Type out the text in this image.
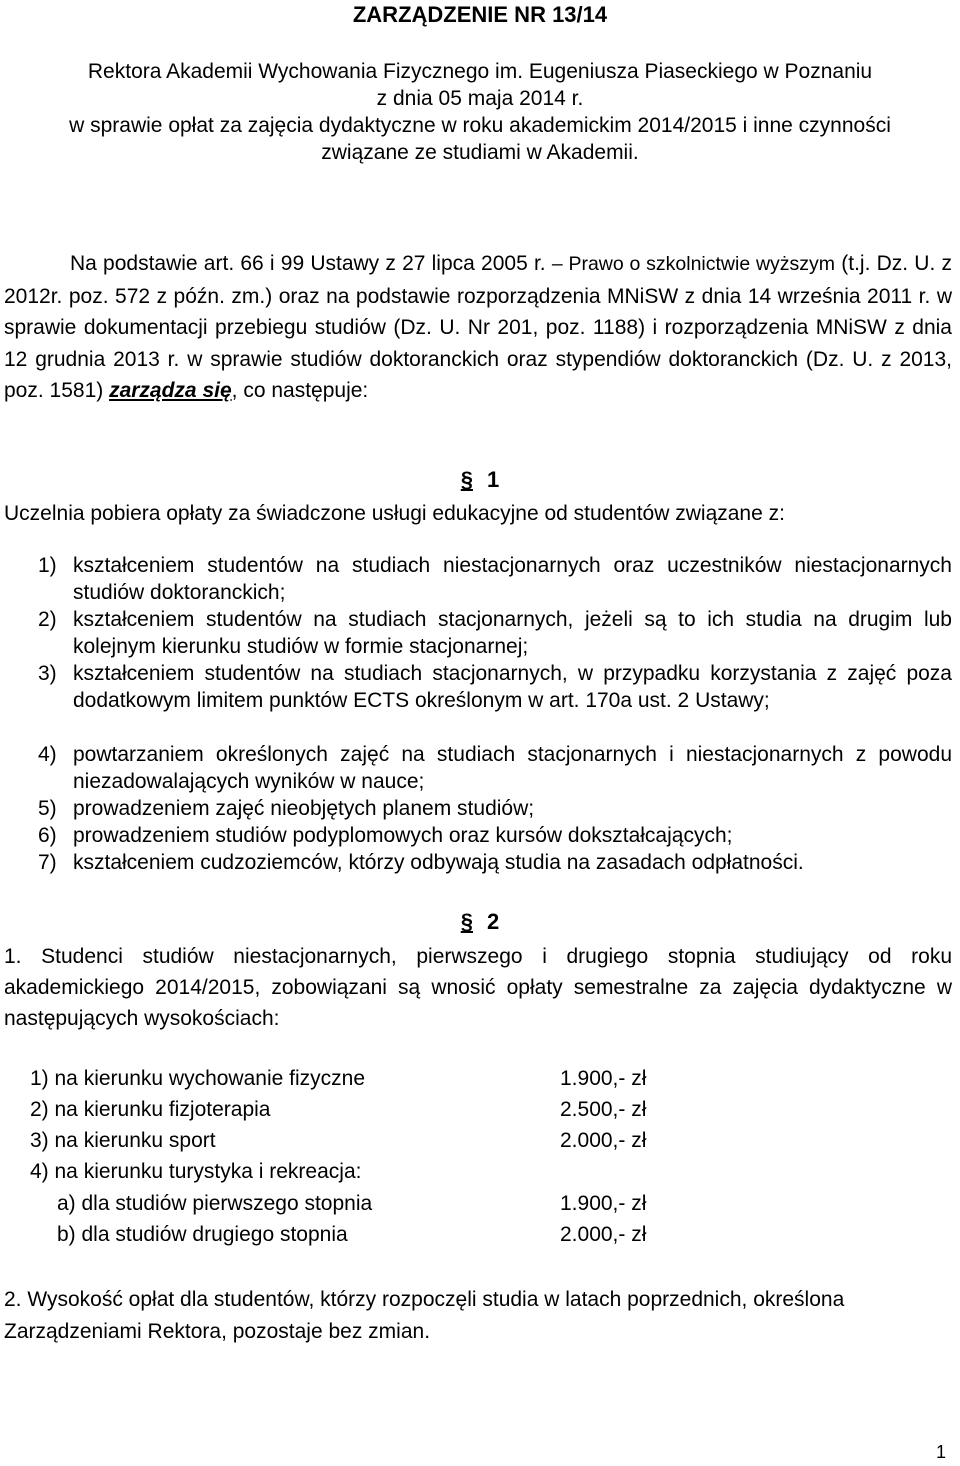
ZARZĄDZENIE NR 13/14
Rektora Akademii Wychowania Fizycznego im. Eugeniusza Piaseckiego w Poznaniu
z dnia 05 maja 2014 r.
w sprawie opłat za zajęcia dydaktyczne w roku akademickim 2014/2015 i inne czynności
związane ze studiami w Akademii.
Na podstawie art. 66 i 99 Ustawy z 27 lipca 2005 r. – Prawo o szkolnictwie wyższym (t.j. Dz. U. z 2012r. poz. 572 z późn. zm.) oraz na podstawie rozporządzenia MNiSW z dnia 14 września 2011 r. w sprawie dokumentacji przebiegu studiów (Dz. U. Nr 201, poz. 1188) i rozporządzenia MNiSW z dnia 12 grudnia 2013 r. w sprawie studiów doktoranckich oraz stypendiów doktoranckich (Dz. U. z 2013, poz. 1581) zarządza się, co następuje:
§ 1
Uczelnia pobiera opłaty za świadczone usługi edukacyjne od studentów związane z:
1) kształceniem studentów na studiach niestacjonarnych oraz uczestników niestacjonarnych studiów doktoranckich;
2) kształceniem studentów na studiach stacjonarnych, jeżeli są to ich studia na drugim lub kolejnym kierunku studiów w formie stacjonarnej;
3) kształceniem studentów na studiach stacjonarnych, w przypadku korzystania z zajęć poza dodatkowym limitem punktów ECTS określonym w art. 170a ust. 2 Ustawy;
4) powtarzaniem określonych zajęć na studiach stacjonarnych i niestacjonarnych z powodu niezadowalających wyników w nauce;
5) prowadzeniem zajęć nieobjętych planem studiów;
6) prowadzeniem studiów podyplomowych oraz kursów dokształcających;
7) kształceniem cudzoziemców, którzy odbywają studia na zasadach odpłatności.
§ 2
1. Studenci studiów niestacjonarnych, pierwszego i drugiego stopnia studiujący od roku akademickiego 2014/2015, zobowiązani są wnosić opłaty semestralne za zajęcia dydaktyczne w następujących wysokościach:
1) na kierunku wychowanie fizyczne	1.900,- zł
2) na kierunku fizjoterapia	2.500,- zł
3) na kierunku sport	2.000,- zł
4) na kierunku turystyka i rekreacja:
a) dla studiów pierwszego stopnia	1.900,- zł
b) dla studiów drugiego stopnia	2.000,- zł
2. Wysokość opłat dla studentów, którzy rozpoczęli studia w latach poprzednich, określona Zarządzeniami Rektora, pozostaje bez zmian.
1
